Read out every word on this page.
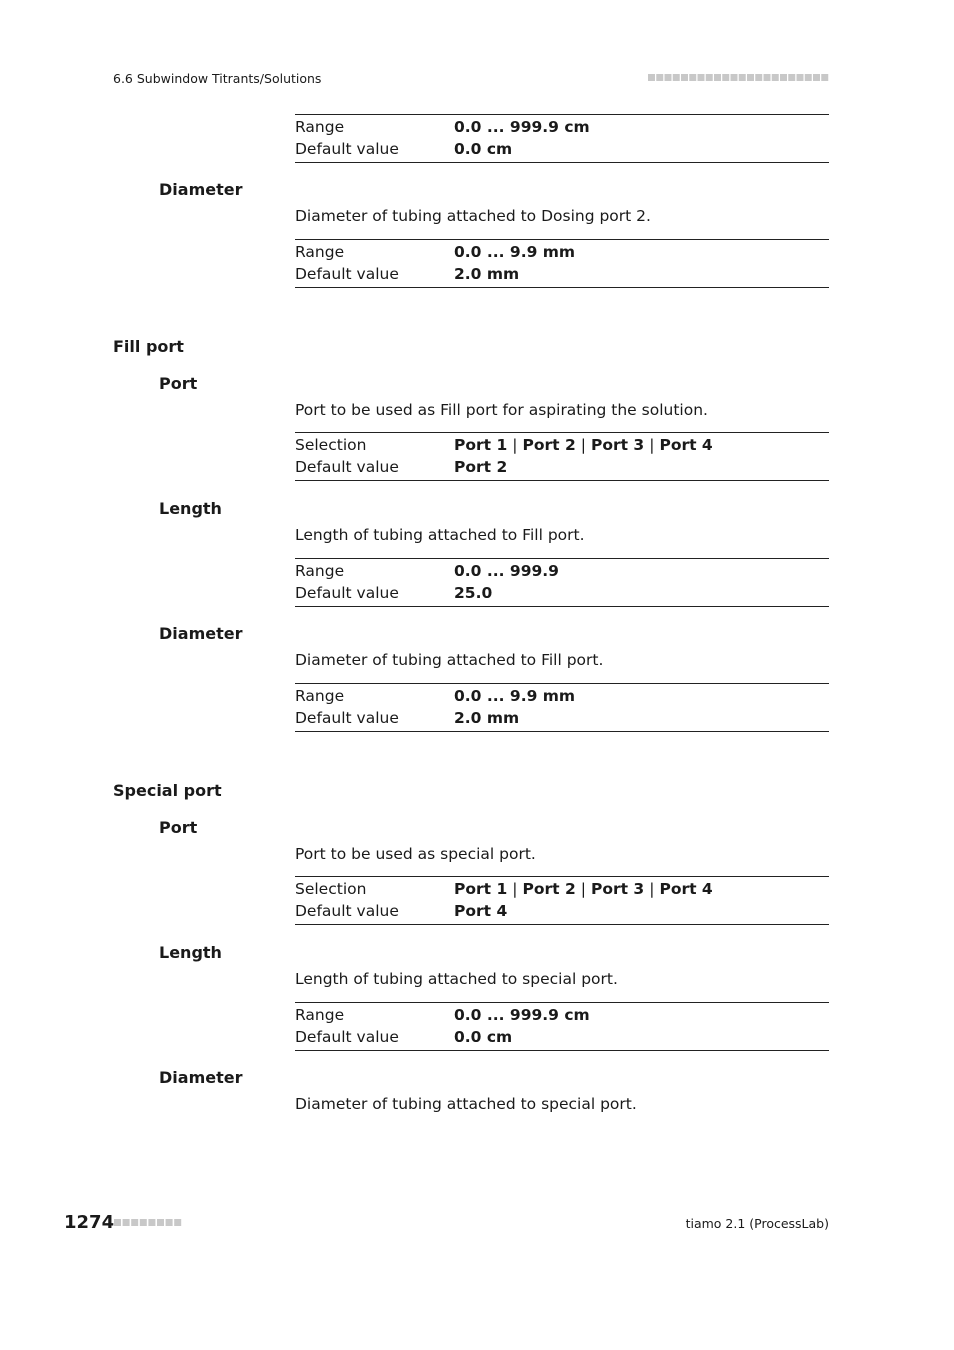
6.6 Subwindow Titrants/Solutions
Range	0.0 ... 999.9 cm
Default value	0.0 cm
Diameter
Diameter of tubing attached to Dosing port 2.
Range	0.0 ... 9.9 mm
Default value	2.0 mm
Fill port
Port
Port to be used as Fill port for aspirating the solution.
Selection	Port 1 | Port 2 | Port 3 | Port 4
Default value	Port 2
Length
Length of tubing attached to Fill port.
Range	0.0 ... 999.9
Default value	25.0
Diameter
Diameter of tubing attached to Fill port.
Range	0.0 ... 9.9 mm
Default value	2.0 mm
Special port
Port
Port to be used as special port.
Selection	Port 1 | Port 2 | Port 3 | Port 4
Default value	Port 4
Length
Length of tubing attached to special port.
Range	0.0 ... 999.9 cm
Default value	0.0 cm
Diameter
Diameter of tubing attached to special port.
1274	tiamo 2.1 (ProcessLab)
